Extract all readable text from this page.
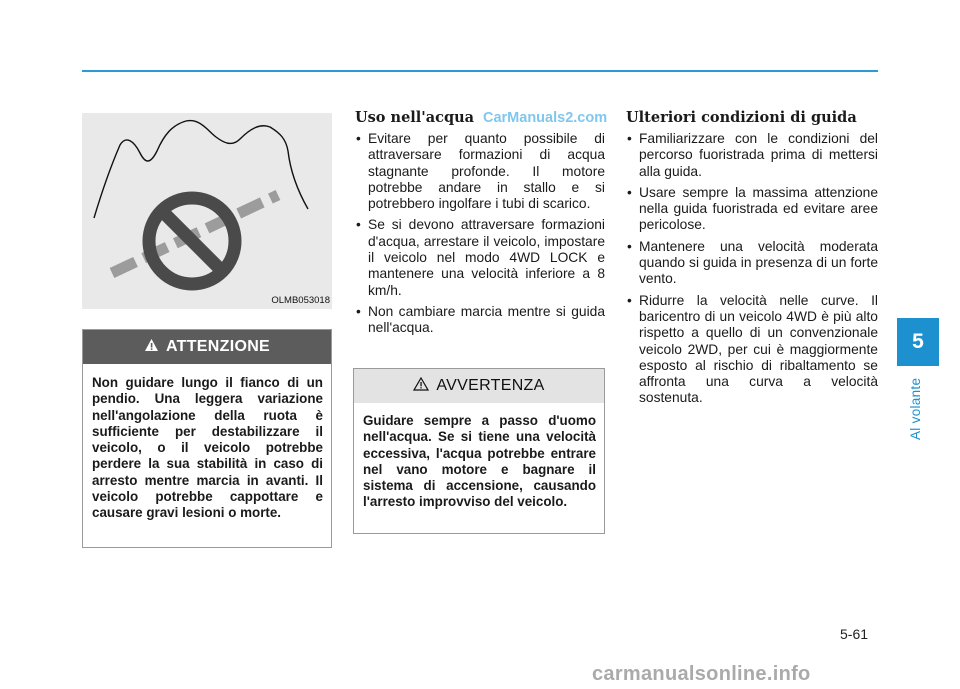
CarManuals2.com
OLMB053018
ATTENZIONE
Non guidare lungo il fianco di un pendio. Una leggera variazione nell'angolazione della ruota è sufficiente per destabilizzare il veicolo, o il veicolo potrebbe perdere la sua stabilità in caso di arresto mentre marcia in avanti. Il veicolo potrebbe cappottare e causare gravi lesioni o morte.
Uso nell'acqua
• Evitare per quanto possibile di attraversare formazioni di acqua stagnante profonde. Il motore potrebbe andare in stallo e si potrebbero ingolfare i tubi di scarico.
• Se si devono attraversare formazioni d'acqua, arrestare il veicolo, impostare il veicolo nel modo 4WD LOCK e mantenere una velocità inferiore a 8 km/h.
• Non cambiare marcia mentre si guida nell'acqua.
AVVERTENZA
Guidare sempre a passo d'uomo nell'acqua. Se si tiene una velocità eccessiva, l'acqua potrebbe entrare nel vano motore e bagnare il sistema di accensione, causando l'arresto improvviso del veicolo.
Ulteriori condizioni di guida
• Familiarizzare con le condizioni del percorso fuoristrada prima di mettersi alla guida.
• Usare sempre la massima attenzione nella guida fuoristrada ed evitare aree pericolose.
• Mantenere una velocità moderata quando si guida in presenza di un forte vento.
• Ridurre la velocità nelle curve. Il baricentro di un veicolo 4WD è più alto rispetto a quello di un convenzionale veicolo 2WD, per cui è maggiormente esposto al rischio di ribaltamento se affronta una curva a velocità sostenuta.
5
Al volante
5-61
carmanualsonline.info
